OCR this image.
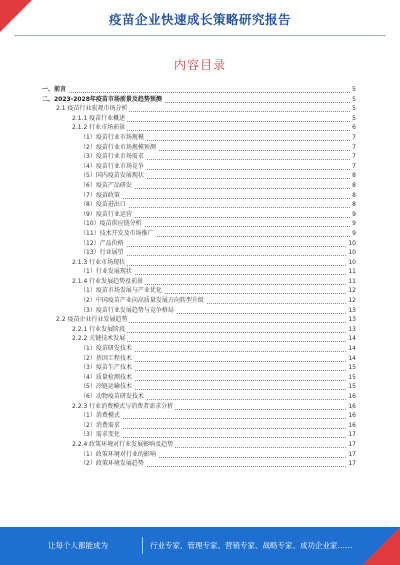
疫苗企业快速成长策略研究报告
内容目录
一、前言	5
二、2023-2028年疫苗市场前景及趋势预测	5
2.1 疫苗行业宏观市场分析	5
2.1.1 疫苗行业概述	5
2.1.2 行业市场前景	6
（1）疫苗行业市场规模	7
（2）疫苗行业市场规模预测	7
（3）疫苗行业市场需求	7
（4）疫苗行业市场竞争	7
（5）国内疫苗发展现状	8
（6）疫苗产品研发	8
（7）疫苗政策	8
（8）疫苗进出口	8
（9）疫苗行业运营	9
（10）疫苗供应链分析	9
（11）技术开发及市场推广	9
（12）产品价格	10
（13）行业展望	10
2.1.3 行业市场现状	10
（1）行业发展现状	11
2.1.4 行业发展趋势及前景	11
（1）疫苗市场发展与产业优化	12
（2）中国疫苗产业向高质量发展方向转型升级	12
（3）疫苗行业发展趋势与竞争格局	13
2.2 疫苗企业行业发展趋势	13
2.2.1 行业发展阶段	13
2.2.2 关键技术发展	14
（1）疫苗研发技术	14
（2）基因工程技术	14
（3）疫苗生产技术	15
（4）质量检测技术	15
（5）冷链运输技术	15
（6）动物疫苗研发技术	16
2.2.3 行业消费模式与消费者需求分析	16
（1）消费模式	16
（2）消费需求	16
（3）需求变化	17
2.2.4 政策环境对行业发展影响及趋势	17
（1）政策环境对行业的影响	17
（2）政策环境发展趋势	17
让每个人都能成为	行业专家、管理专家、营销专家、战略专家、成功企业家……
